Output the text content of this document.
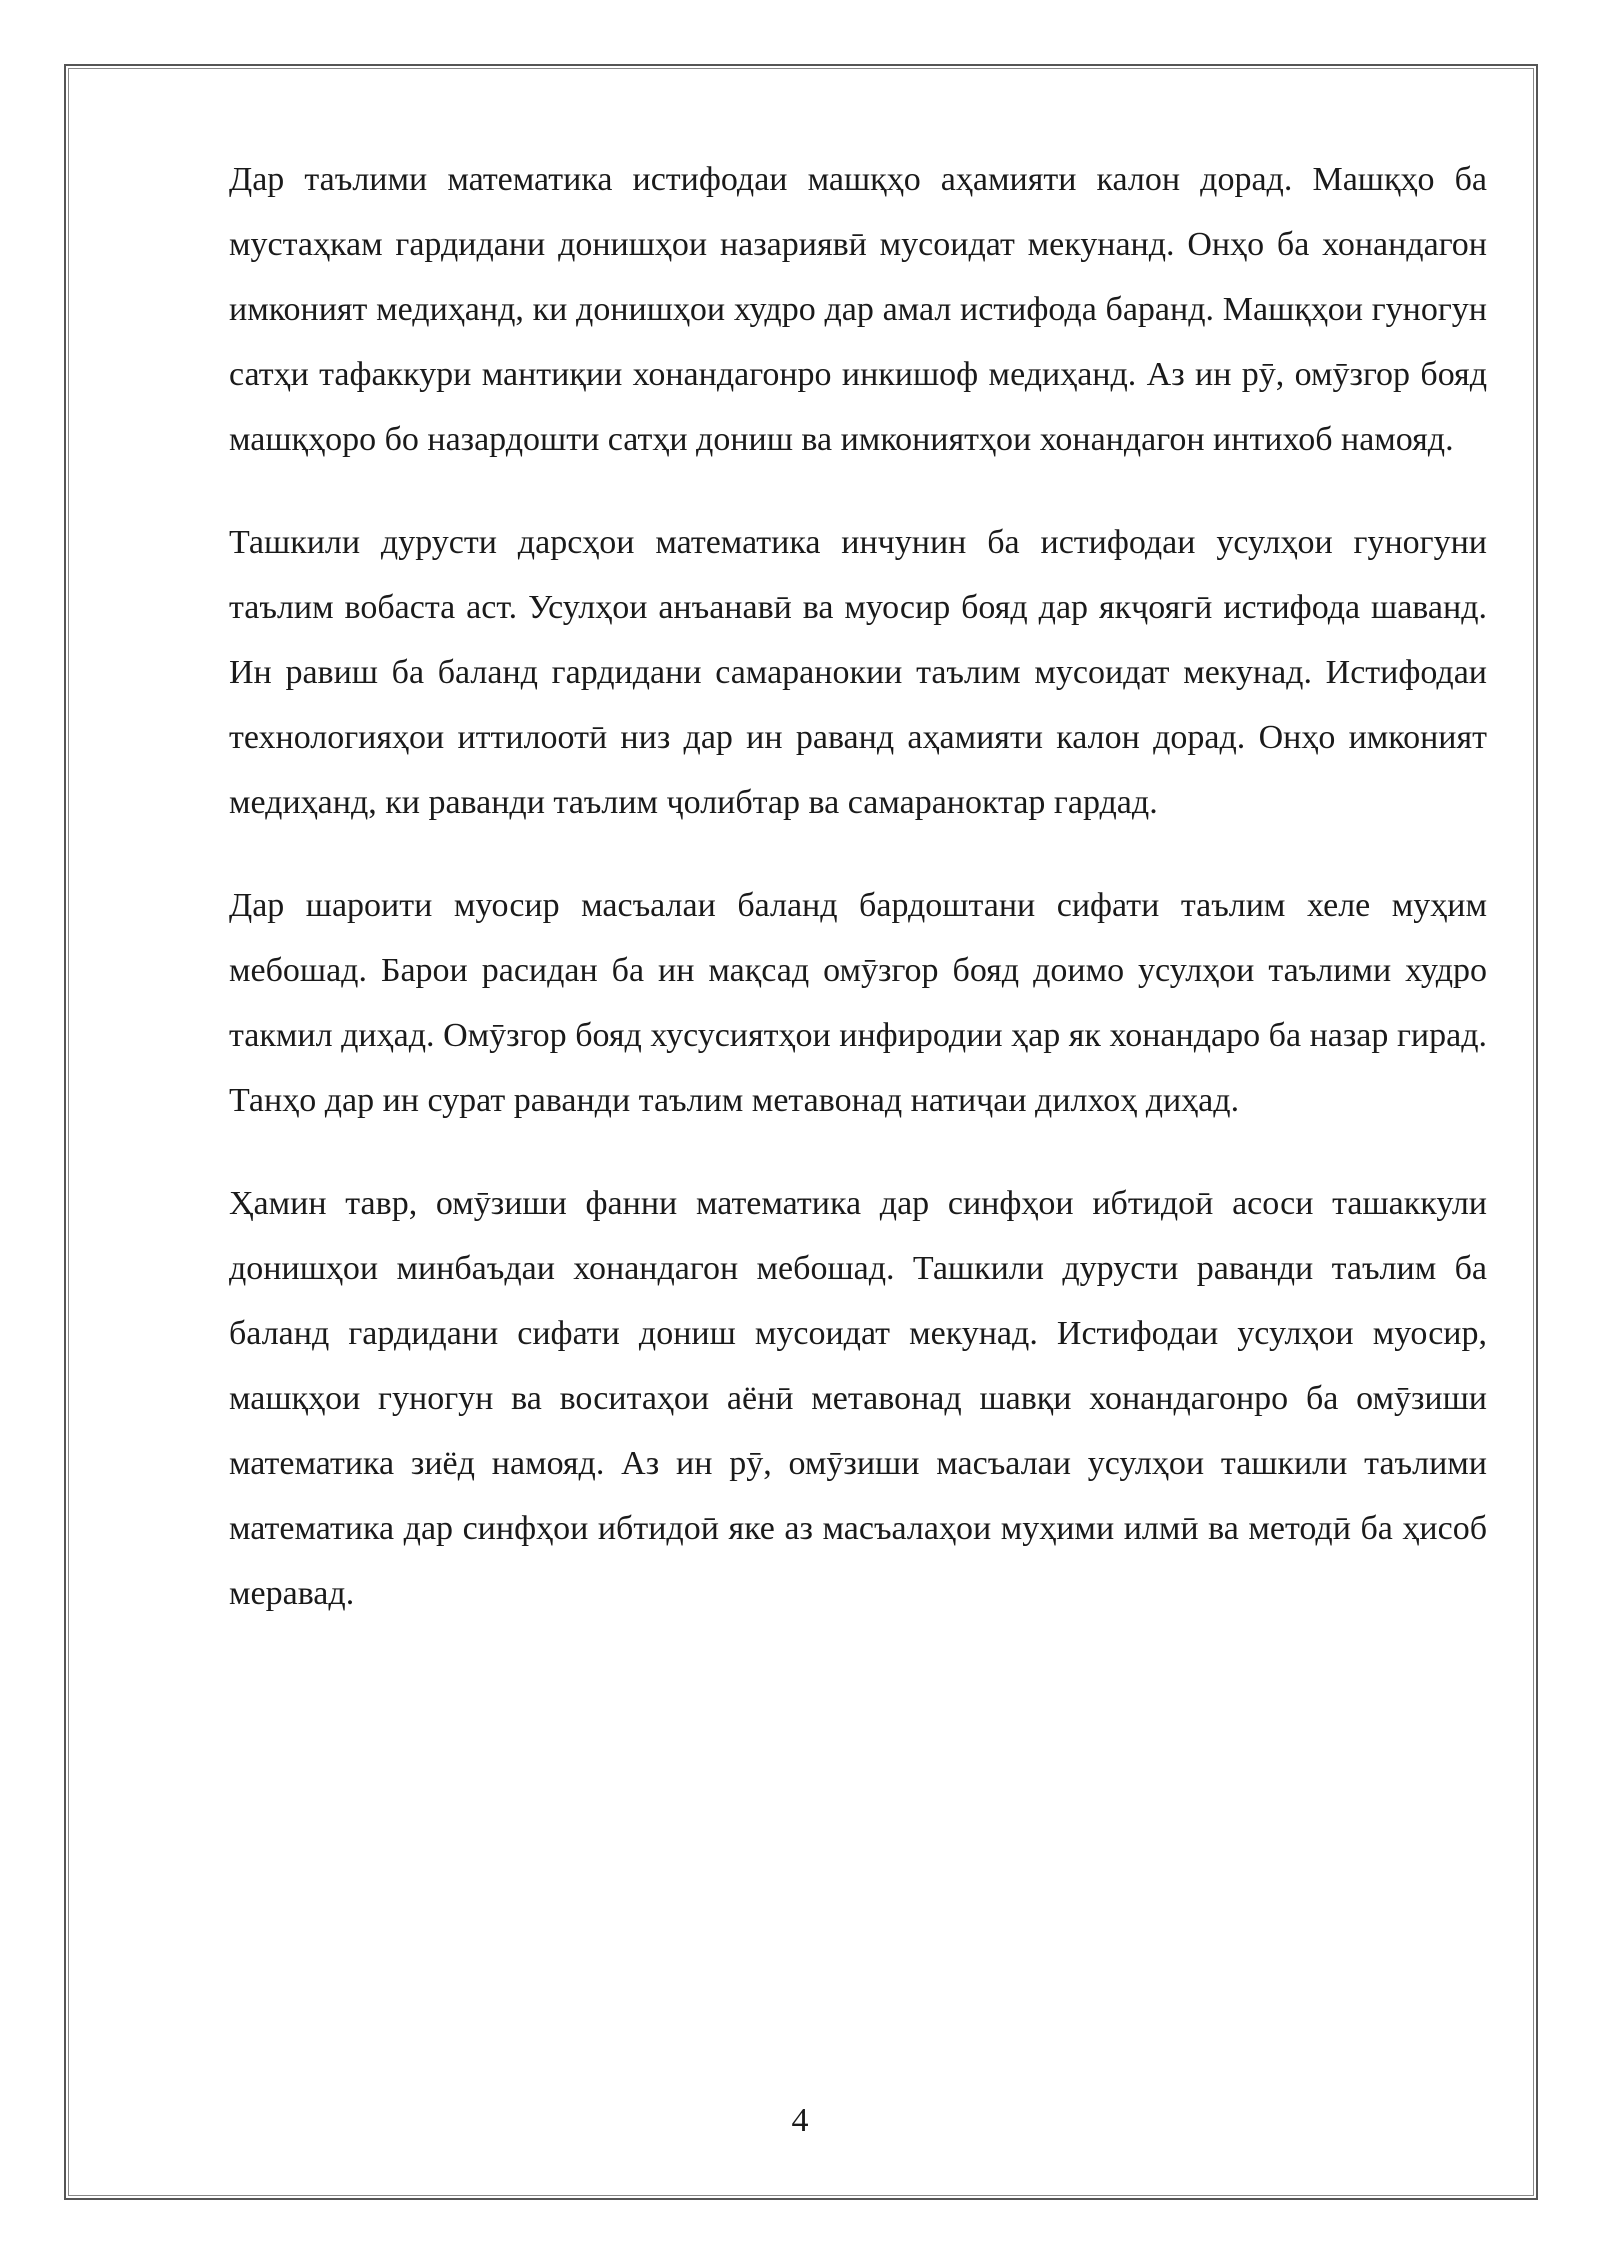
Дар таълими математика истифодаи машқҳо аҳамияти калон дорад. Машқҳо ба мустаҳкам гардидани донишҳои назариявӣ мусоидат мекунанд. Онҳо ба хонандагон имконият медиҳанд, ки донишҳои худро дар амал истифода баранд. Машқҳои гуногун сатҳи тафаккури мантиқии хонандагонро инкишоф медиҳанд. Аз ин рӯ, омӯзгор бояд машқҳоро бо назардошти сатҳи дониш ва имкониятҳои хонандагон интихоб намояд.

Ташкили дурусти дарсҳои математика инчунин ба истифодаи усулҳои гуногуни таълим вобаста аст. Усулҳои анъанавӣ ва муосир бояд дар якҷоягӣ истифода шаванд. Ин равиш ба баланд гардидани самаранокии таълим мусоидат мекунад. Истифодаи технологияҳои иттилоотӣ низ дар ин раванд аҳамияти калон дорад. Онҳо имконият медиҳанд, ки раванди таълим ҷолибтар ва самараноктар гардад.

Дар шароити муосир масъалаи баланд бардоштани сифати таълим хеле муҳим мебошад. Барои расидан ба ин мақсад омӯзгор бояд доимо усулҳои таълими худро такмил диҳад. Омӯзгор бояд хусусиятҳои инфиродии ҳар як хонандаро ба назар гирад. Танҳо дар ин сурат раванди таълим метавонад натиҷаи дилхоҳ диҳад.

Ҳамин тавр, омӯзиши фанни математика дар синфҳои ибтидоӣ асоси ташаккули донишҳои минбаъдаи хонандагон мебошад. Ташкили дурусти раванди таълим ба баланд гардидани сифати дониш мусоидат мекунад. Истифодаи усулҳои муосир, машқҳои гуногун ва воситаҳои аёнӣ метавонад шавқи хонандагонро ба омӯзиши математика зиёд намояд. Аз ин рӯ, омӯзиши масъалаи усулҳои ташкили таълими математика дар синфҳои ибтидоӣ яке аз масъалаҳои муҳими илмӣ ва методӣ ба ҳисоб меравад.

4
